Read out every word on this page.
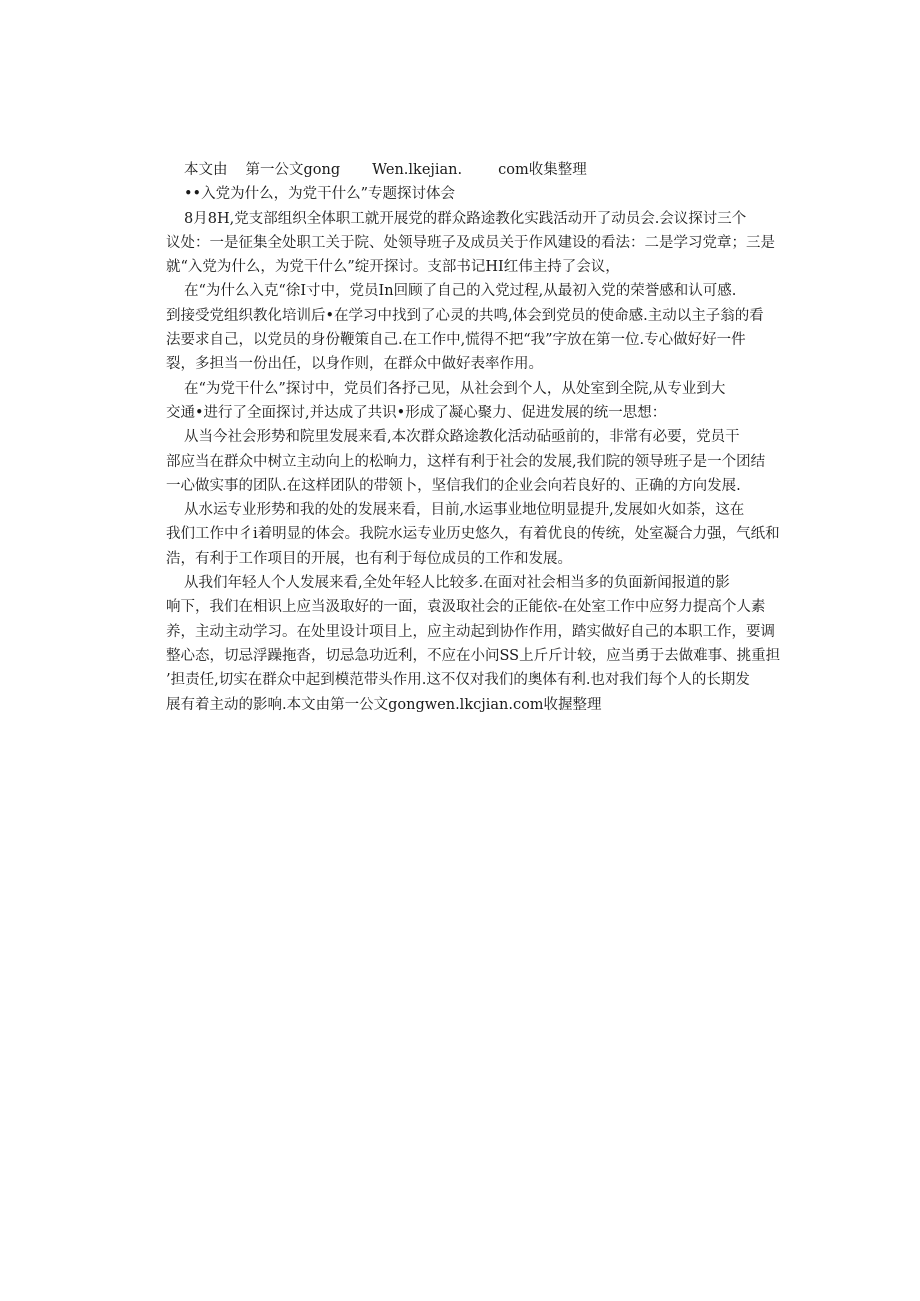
本文由 第一公文gong Wen.lkejian. com收集整理

••入党为什么，为党干什么”专题探讨体会

8月8H,党支部组织全体职工就开展党的群众路途教化实践活动开了动员会.会议探讨三个

议处：一是征集全处职工关于院、处领导班子及成员关于作风建设的看法：二是学习党章；三是

就“入党为什么，为党干什么”绽开探讨。支部书记HI红伟主持了会议，

在“为什么入克“徐I寸中，党员In回顾了自己的入党过程,从最初入党的荣誉感和认可感.

到接受党组织教化培训后•在学习中找到了心灵的共鸣,体会到党员的使命感.主动以主子翁的看

法要求自己，以党员的身份鞭策自己.在工作中,慌得不把“我”字放在第一位.专心做好好一件

裂，多担当一份出任，以身作则，在群众中做好表率作用。

在“为党干什么”探讨中，党员们各抒己见，从社会到个人，从处室到全院,从专业到大

交通•进行了全面探讨,并达成了共识•形成了凝心聚力、促进发展的统一思想：

从当今社会形势和院里发展来看,本次群众路途教化活动砧亟前的，非常有必要，党员干

部应当在群众中树立主动向上的松晌力，这样有利于社会的发展,我们院的领导班子是一个团结

一心做实事的团队.在这样团队的带领卜，坚信我们的企业会向若良好的、正确的方向发展.

从水运专业形势和我的处的发展来看，目前,水运事业地位明显提升,发展如火如荼，这在

我们工作中彳i着明显的体会。我院水运专业历史悠久，有着优良的传统，处室凝合力强，气纸和

浩，有利于工作项目的开展，也有利于每位成员的工作和发展。

从我们年轻人个人发展来看,全处年轻人比较多.在面对社会相当多的负面新闻报道的影

响下，我们在相识上应当汲取好的一面，袁汲取社会的正能依-在处室工作中应努力提高个人素

养，主动主动学习。在处里设计项目上，应主动起到协作作用，踏实做好自己的本职工作，要调

整心态，切忌浮躁拖沓，切忌急功近利，不应在小问SS上斤斤计较，应当勇于去做难事、挑重担

’担责任,切实在群众中起到模范带头作用.这不仅对我们的奥体有利.也对我们每个人的长期发

展有着主动的影响.本文由第一公文gongwen.lkcjian.com收握整理
